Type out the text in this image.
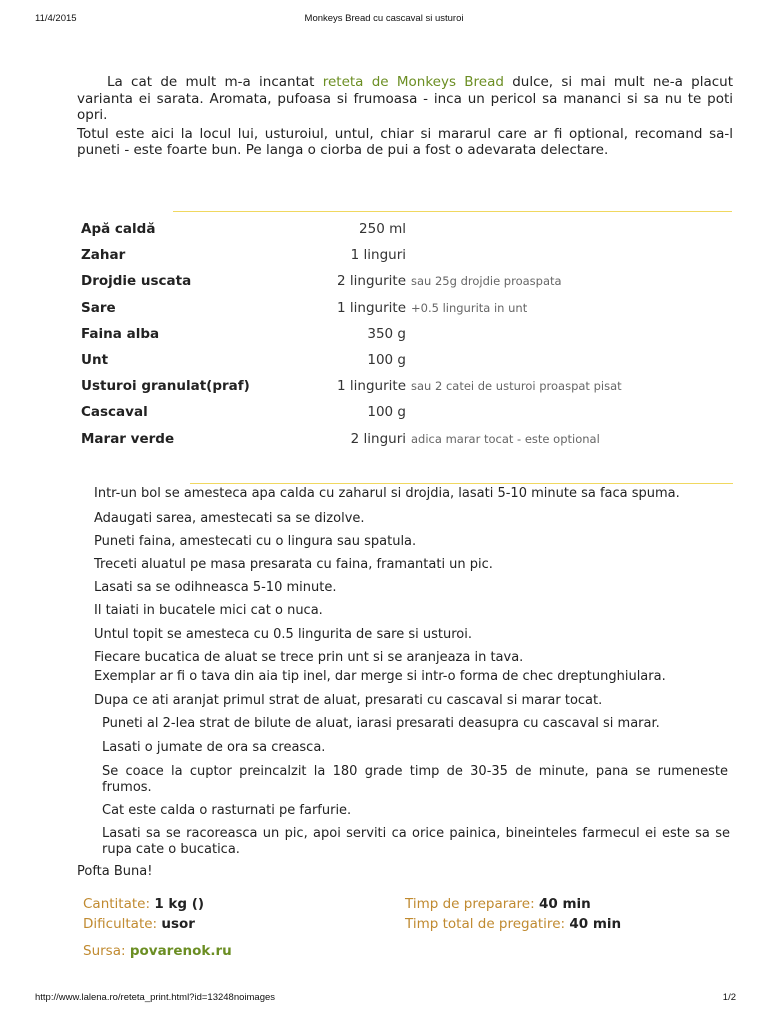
11/4/2015	Monkeys Bread cu cascaval si usturoi

La cat de mult m-a incantat reteta de Monkeys Bread dulce, si mai mult ne-a placut varianta ei sarata. Aromata, pufoasa si frumoasa - inca un pericol sa mananci si sa nu te poti opri.

Totul este aici la locul lui, usturoiul, untul, chiar si mararul care ar fi optional, recomand sa-l puneti - este foarte bun. Pe langa o ciorba de pui a fost o adevarata delectare.

Apă caldă	250 ml	
Zahar	1 linguri	
Drojdie uscata	2 lingurite	sau 25g drojdie proaspata
Sare	1 lingurite	+0.5 lingurita in unt
Faina alba	350 g	
Unt	100 g	
Usturoi granulat(praf)	1 lingurite	sau 2 catei de usturoi proaspat pisat
Cascaval	100 g	
Marar verde	2 linguri	adica marar tocat - este optional
Intr-un bol se amesteca apa calda cu zaharul si drojdia, lasati 5-10 minute sa faca spuma.
Adaugati sarea, amestecati sa se dizolve.
Puneti faina, amestecati cu o lingura sau spatula.
Treceti aluatul pe masa presarata cu faina, framantati un pic.
Lasati sa se odihneasca 5-10 minute.
Il taiati in bucatele mici cat o nuca.
Untul topit se amesteca cu 0.5 lingurita de sare si usturoi.
Fiecare bucatica de aluat se trece prin unt si se aranjeaza in tava.
Exemplar ar fi o tava din aia tip inel, dar merge si intr-o forma de chec dreptunghiulara.
Dupa ce ati aranjat primul strat de aluat, presarati cu cascaval si marar tocat.
Puneti al 2-lea strat de bilute de aluat, iarasi presarati deasupra cu cascaval si marar.
Lasati o jumate de ora sa creasca.
Se coace la cuptor preincalzit la 180 grade timp de 30-35 de minute, pana se rumeneste frumos.
Cat este calda o rasturnati pe farfurie.
Lasati sa se racoreasca un pic, apoi serviti ca orice painica, bineinteles farmecul ei este sa se rupa cate o bucatica.
Pofta Buna!
Cantitate: 1 kg ()
Dificultate: usor
Timp de preparare: 40 min
Timp total de pregatire: 40 min
Sursa: povarenok.ru
http://www.lalena.ro/reteta_print.html?id=13248noimages	1/2
